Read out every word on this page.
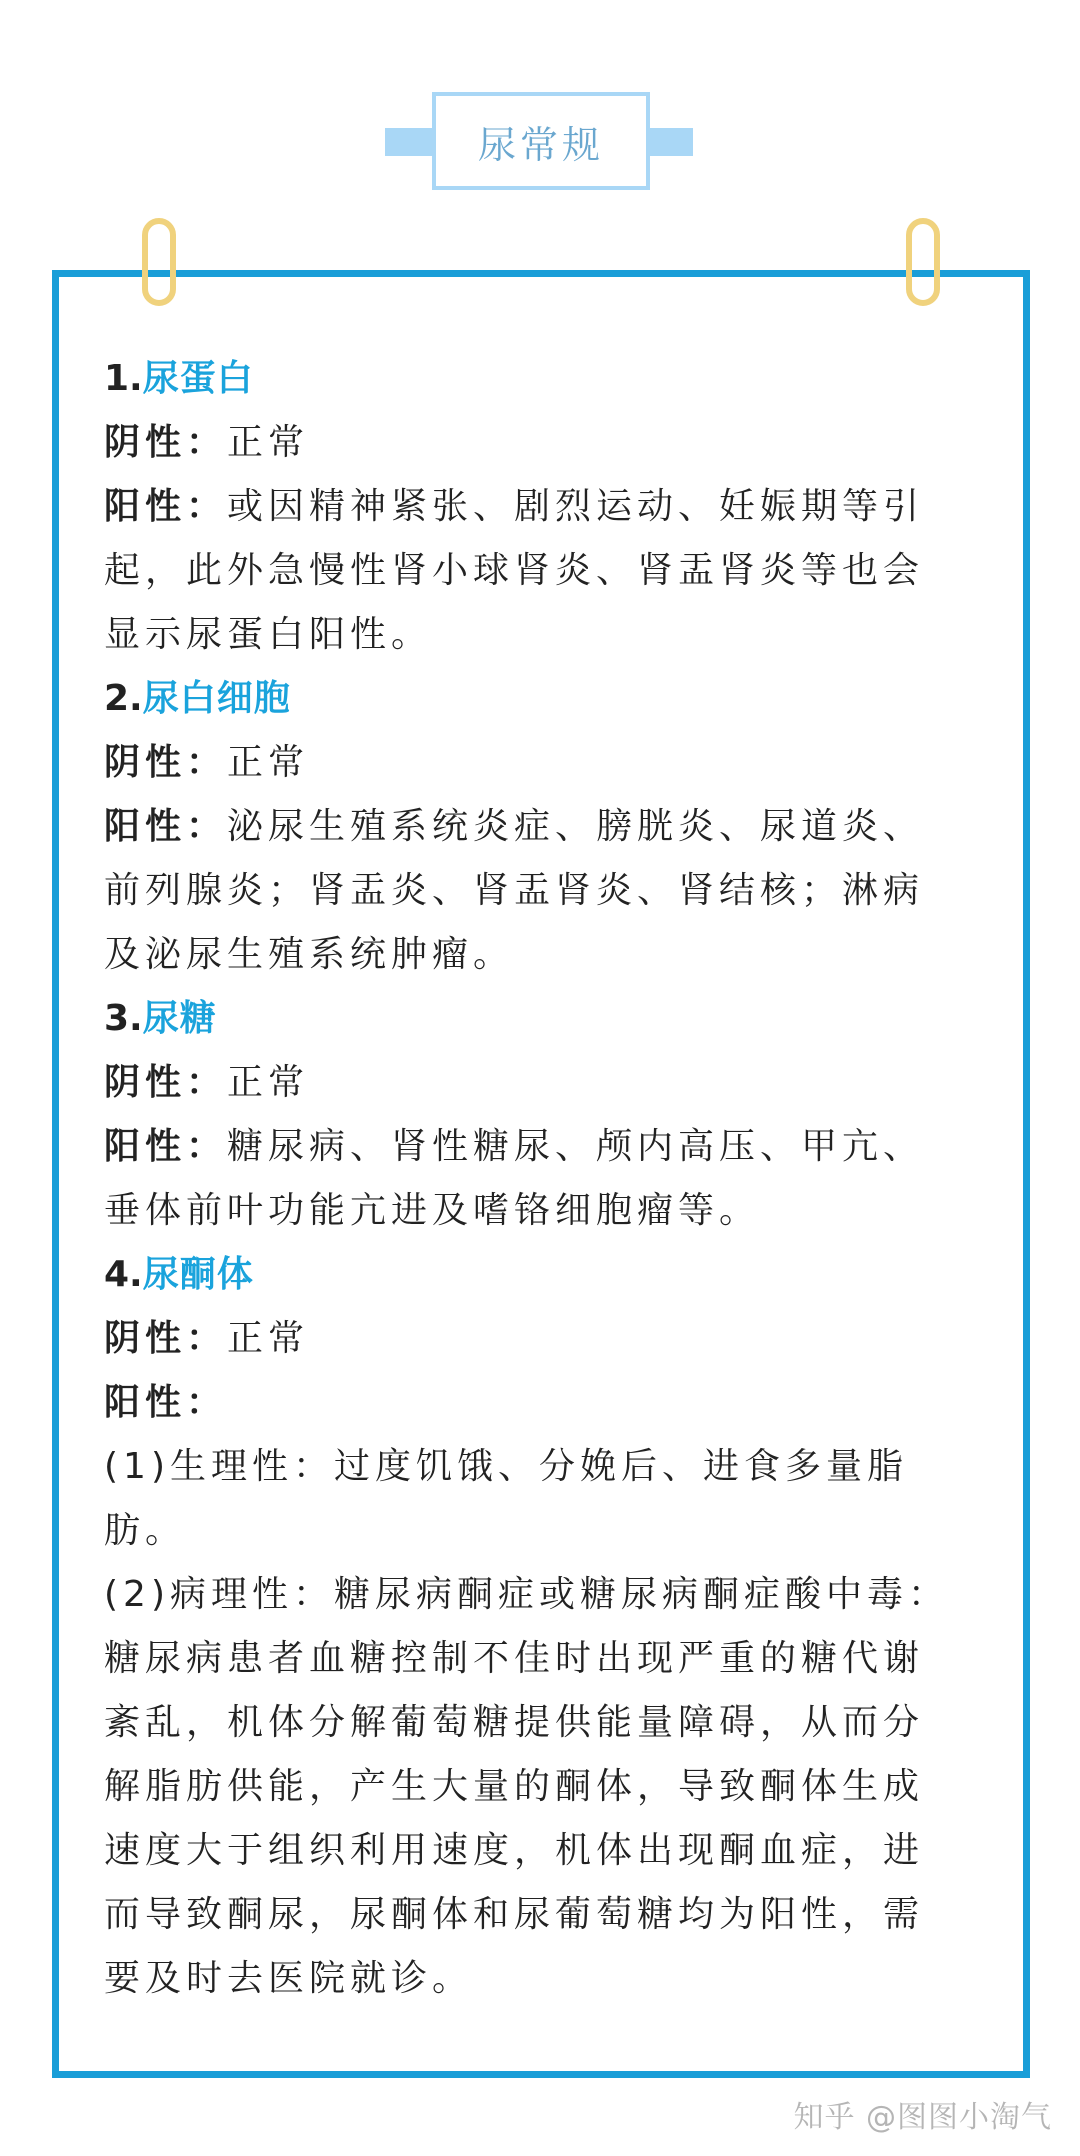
尿常规

1.尿蛋白

阴性：正常

阳性：或因精神紧张、剧烈运动、妊娠期等引

起，此外急慢性肾小球肾炎、肾盂肾炎等也会

显示尿蛋白阳性。

2.尿白细胞

阴性：正常

阳性：泌尿生殖系统炎症、膀胱炎、尿道炎、

前列腺炎；肾盂炎、肾盂肾炎、肾结核；淋病

及泌尿生殖系统肿瘤。

3.尿糖

阴性：正常

阳性：糖尿病、肾性糖尿、颅内高压、甲亢、

垂体前叶功能亢进及嗜铬细胞瘤等。

4.尿酮体

阴性：正常

阳性：

(1)生理性：过度饥饿、分娩后、进食多量脂

肪。

(2)病理性：糖尿病酮症或糖尿病酮症酸中毒：

糖尿病患者血糖控制不佳时出现严重的糖代谢

紊乱，机体分解葡萄糖提供能量障碍，从而分

解脂肪供能，产生大量的酮体，导致酮体生成

速度大于组织利用速度，机体出现酮血症，进

而导致酮尿，尿酮体和尿葡萄糖均为阳性，需

要及时去医院就诊。

知乎 @图图小淘气
